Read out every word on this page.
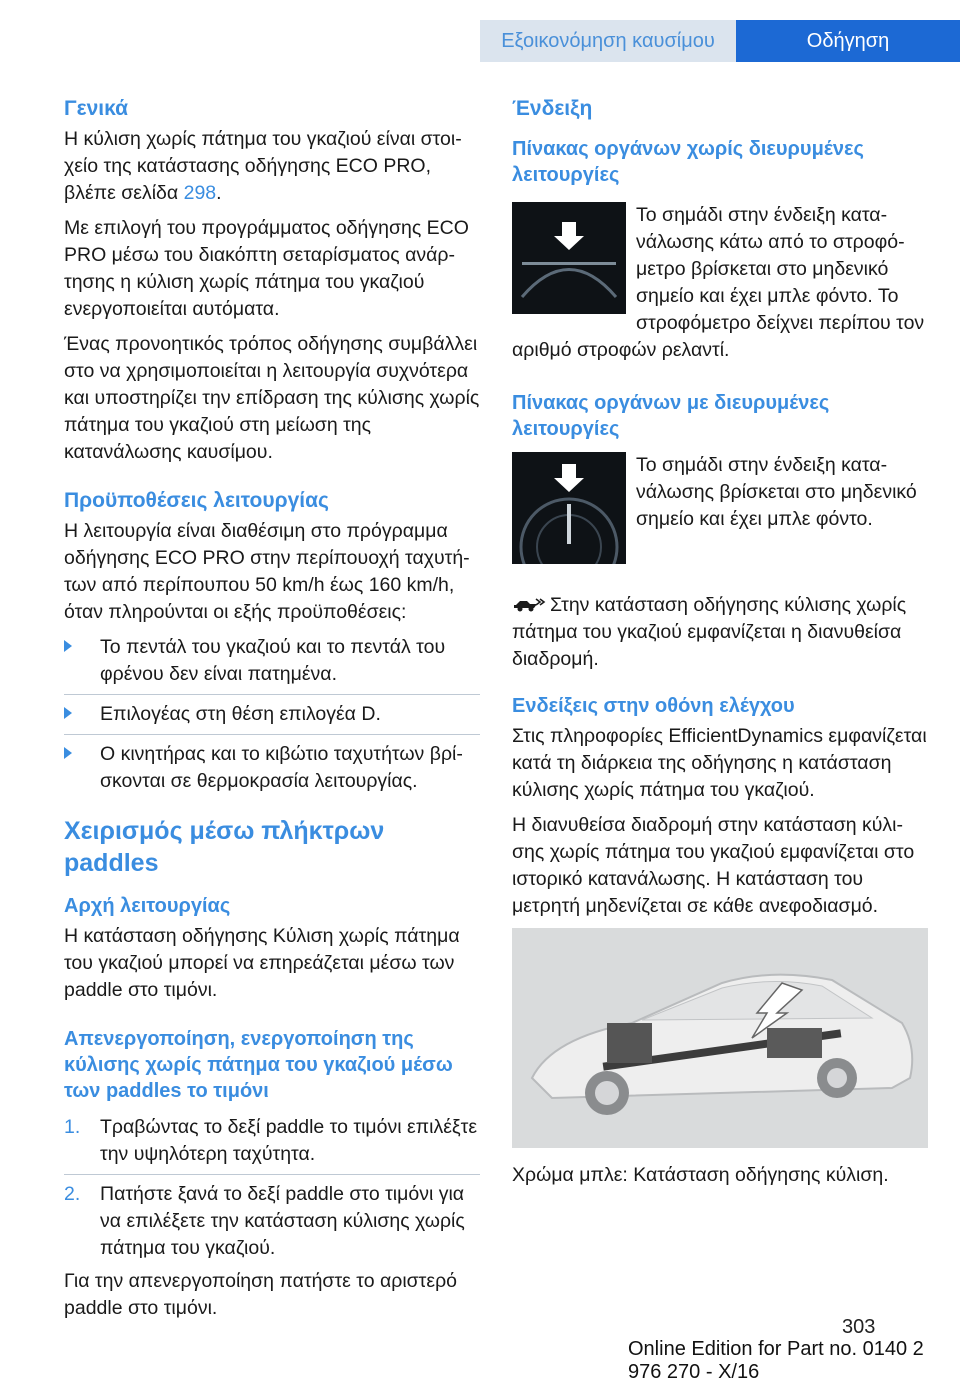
Εξοικονόμηση καυσίμου	Οδήγηση
Γενικά

Η κύλιση χωρίς πάτημα του γκαζιού είναι στοιχείο της κατάστασης οδήγησης ECO PRO, βλέπε σελίδα 298.

Με επιλογή του προγράμματος οδήγησης ECO PRO μέσω του διακόπτη σεταρίσματος ανάρτησης η κύλιση χωρίς πάτημα του γκαζιού ενεργοποιείται αυτόματα.

Ένας προνοητικός τρόπος οδήγησης συμβάλλει στο να χρησιμοποιείται η λειτουργία συχνότερα και υποστηρίζει την επίδραση της κύλισης χωρίς πάτημα του γκαζιού στη μείωση της κατανάλωσης καυσίμου.

Προϋποθέσεις λειτουργίας

Η λειτουργία είναι διαθέσιμη στο πρόγραμμα οδήγησης ECO PRO στην περίπουοχή ταχυτήτων από περίπουπου 50 km/h έως 160 km/h, όταν πληρούνται οι εξής προϋποθέσεις:

Το πεντάλ του γκαζιού και το πεντάλ του φρένου δεν είναι πατημένα.
Επιλογέας στη θέση επιλογέα D.
Ο κινητήρας και το κιβώτιο ταχυτήτων βρίσκονται σε θερμοκρασία λειτουργίας.
Χειρισμός μέσω πλήκτρων paddles
Αρχή λειτουργίας

Η κατάσταση οδήγησης Κύλιση χωρίς πάτημα του γκαζιού μπορεί να επηρεάζεται μέσω των paddle στο τιμόνι.

Απενεργοποίηση, ενεργοποίηση της κύλισης χωρίς πάτημα του γκαζιού μέσω των paddles το τιμόνι
1. Τραβώντας το δεξί paddle το τιμόνι επιλέξτε την υψηλότερη ταχύτητα.
2. Πατήστε ξανά το δεξί paddle στο τιμόνι για να επιλέξετε την κατάσταση κύλισης χωρίς πάτημα του γκαζιού.

Για την απενεργοποίηση πατήστε το αριστερό paddle στο τιμόνι.

Ένδειξη
Πίνακας οργάνων χωρίς διευρυμένες λειτουργίες

Το σημάδι στην ένδειξη κατανάλωσης κάτω από το στροφόμετρο βρίσκεται στο μηδενικό σημείο και έχει μπλε φόντο. Το στροφόμετρο δείχνει περίπου τον αριθμό στροφών ρελαντί.

Πίνακας οργάνων με διευρυμένες λειτουργίες

Το σημάδι στην ένδειξη κατανάλωσης βρίσκεται στο μηδενικό σημείο και έχει μπλε φόντο.

Στην κατάσταση οδήγησης κύλισης χωρίς πάτημα του γκαζιού εμφανίζεται η διανυθείσα διαδρομή.

Ενδείξεις στην οθόνη ελέγχου

Στις πληροφορίες EfficientDynamics εμφανίζεται κατά τη διάρκεια της οδήγησης η κατάσταση κύλισης χωρίς πάτημα του γκαζιού.

Η διανυθείσα διαδρομή στην κατάσταση κύλισης χωρίς πάτημα του γκαζιού εμφανίζεται στο ιστορικό κατανάλωσης. Η κατάσταση του μετρητή μηδενίζεται σε κάθε ανεφοδιασμό.

Χρώμα μπλε: Κατάσταση οδήγησης κύλιση.

303
Online Edition for Part no. 0140 2 976 270 - X/16
